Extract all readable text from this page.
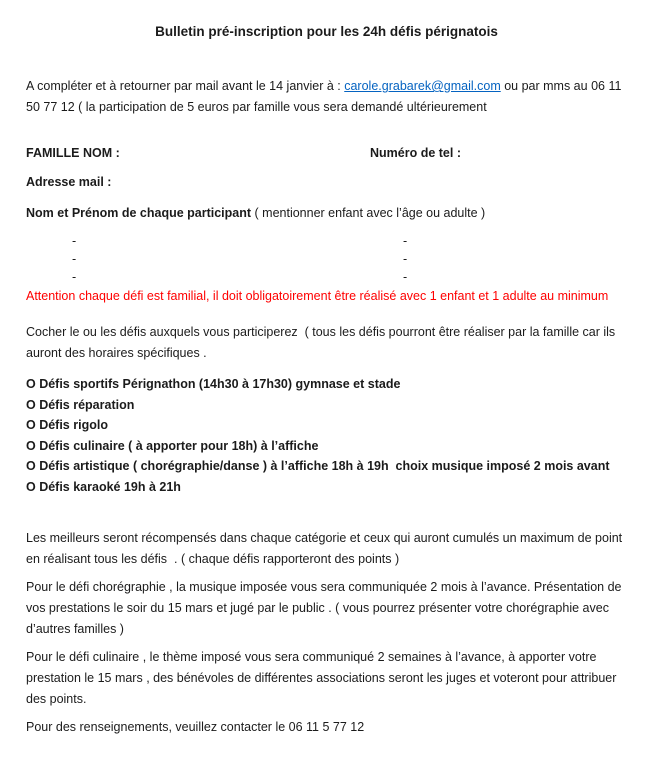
Bulletin pré-inscription pour les 24h défis pérignatois

A compléter et à retourner par mail avant le 14 janvier à : carole.grabarek@gmail.com ou par mms au 06 11 50 77 12 ( la participation de 5 euros par famille vous sera demandé ultérieurement

FAMILLE NOM :	Numéro de tel :

Adresse mail :

Nom et Prénom de chaque participant ( mentionner enfant avec l’âge ou adulte )

-	-
-	-
-	-

Attention chaque défi est familial, il doit obligatoirement être réalisé avec 1 enfant et 1 adulte au minimum

Cocher le ou les défis auxquels vous participerez  ( tous les défis pourront être réaliser par la famille car ils auront des horaires spécifiques .

O Défis sportifs Pérignathon (14h30 à 17h30) gymnase et stade
O Défis réparation
O Défis rigolo
O Défis culinaire ( à apporter pour 18h) à l’affiche
O Défis artistique ( chorégraphie/danse ) à l’affiche 18h à 19h  choix musique imposé 2 mois avant
O Défis karaoké 19h à 21h

Les meilleurs seront récompensés dans chaque catégorie et ceux qui auront cumulés un maximum de point en réalisant tous les défis  . ( chaque défis rapporteront des points )

Pour le défi chorégraphie , la musique imposée vous sera communiquée 2 mois à l’avance. Présentation de vos prestations le soir du 15 mars et jugé par le public . ( vous pourrez présenter votre chorégraphie avec d’autres familles )

Pour le défi culinaire , le thème imposé vous sera communiqué 2 semaines à l’avance, à apporter votre prestation le 15 mars , des bénévoles de différentes associations seront les juges et voteront pour attribuer des points.

Pour des renseignements, veuillez contacter le 06 11 5 77 12
